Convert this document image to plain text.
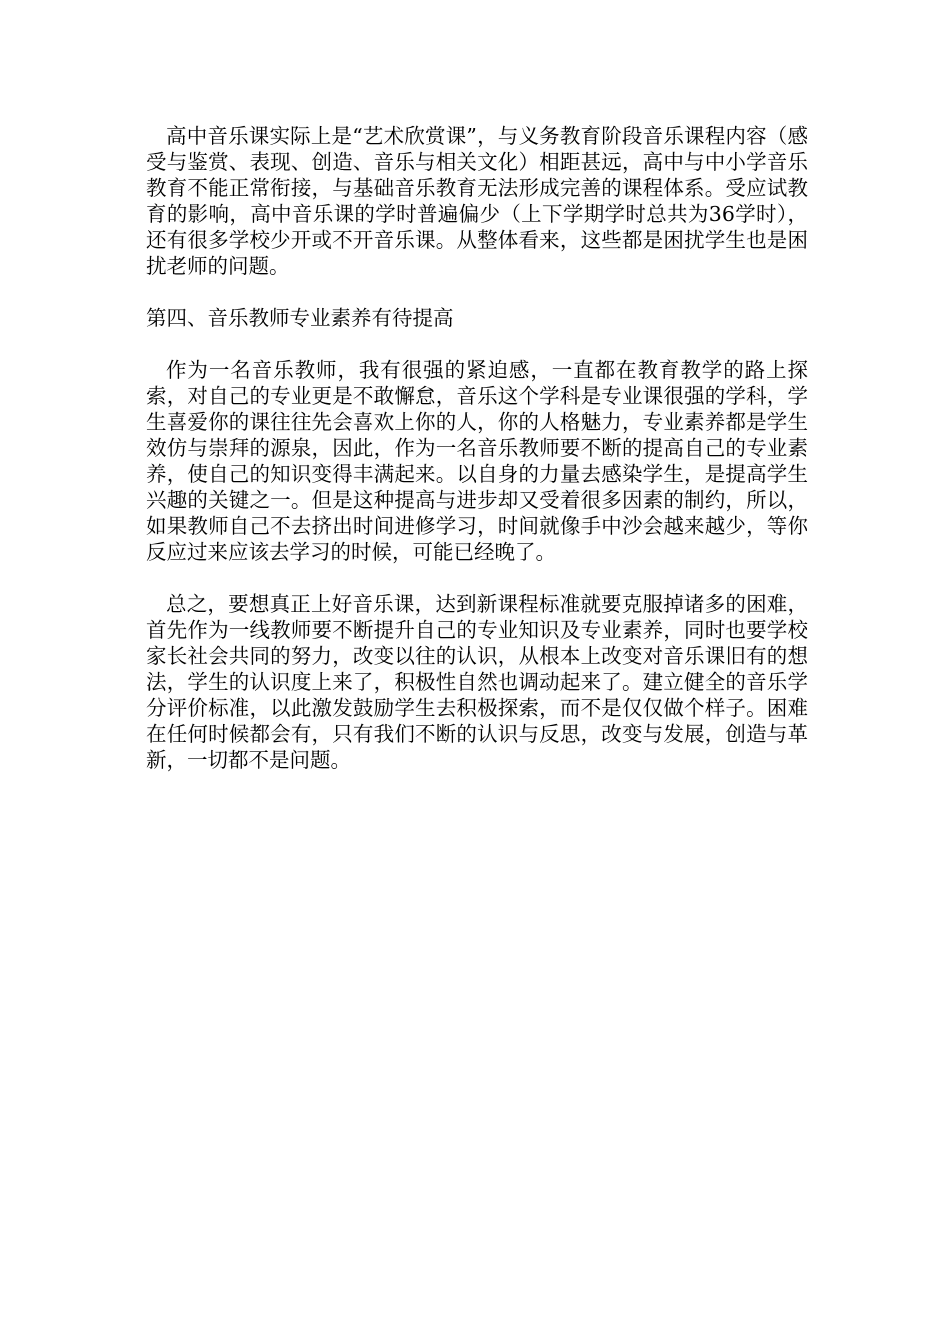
高中音乐课实际上是“艺术欣赏课”，与义务教育阶段音乐课程内容（感受与鉴赏、表现、创造、音乐与相关文化）相距甚远，高中与中小学音乐教育不能正常衔接，与基础音乐教育无法形成完善的课程体系。受应试教育的影响，高中音乐课的学时普遍偏少（上下学期学时总共为36学时），还有很多学校少开或不开音乐课。从整体看来，这些都是困扰学生也是困扰老师的问题。

第四、音乐教师专业素养有待提高

作为一名音乐教师，我有很强的紧迫感，一直都在教育教学的路上探索，对自己的专业更是不敢懈怠，音乐这个学科是专业课很强的学科，学生喜爱你的课往往先会喜欢上你的人，你的人格魅力，专业素养都是学生效仿与崇拜的源泉，因此，作为一名音乐教师要不断的提高自己的专业素养，使自己的知识变得丰满起来。以自身的力量去感染学生，是提高学生兴趣的关键之一。但是这种提高与进步却又受着很多因素的制约，所以，如果教师自己不去挤出时间进修学习，时间就像手中沙会越来越少，等你反应过来应该去学习的时候，可能已经晚了。

总之，要想真正上好音乐课，达到新课程标准就要克服掉诸多的困难，首先作为一线教师要不断提升自己的专业知识及专业素养，同时也要学校家长社会共同的努力，改变以往的认识，从根本上改变对音乐课旧有的想法，学生的认识度上来了，积极性自然也调动起来了。建立健全的音乐学分评价标准，以此激发鼓励学生去积极探索，而不是仅仅做个样子。困难在任何时候都会有，只有我们不断的认识与反思，改变与发展，创造与革新，一切都不是问题。
